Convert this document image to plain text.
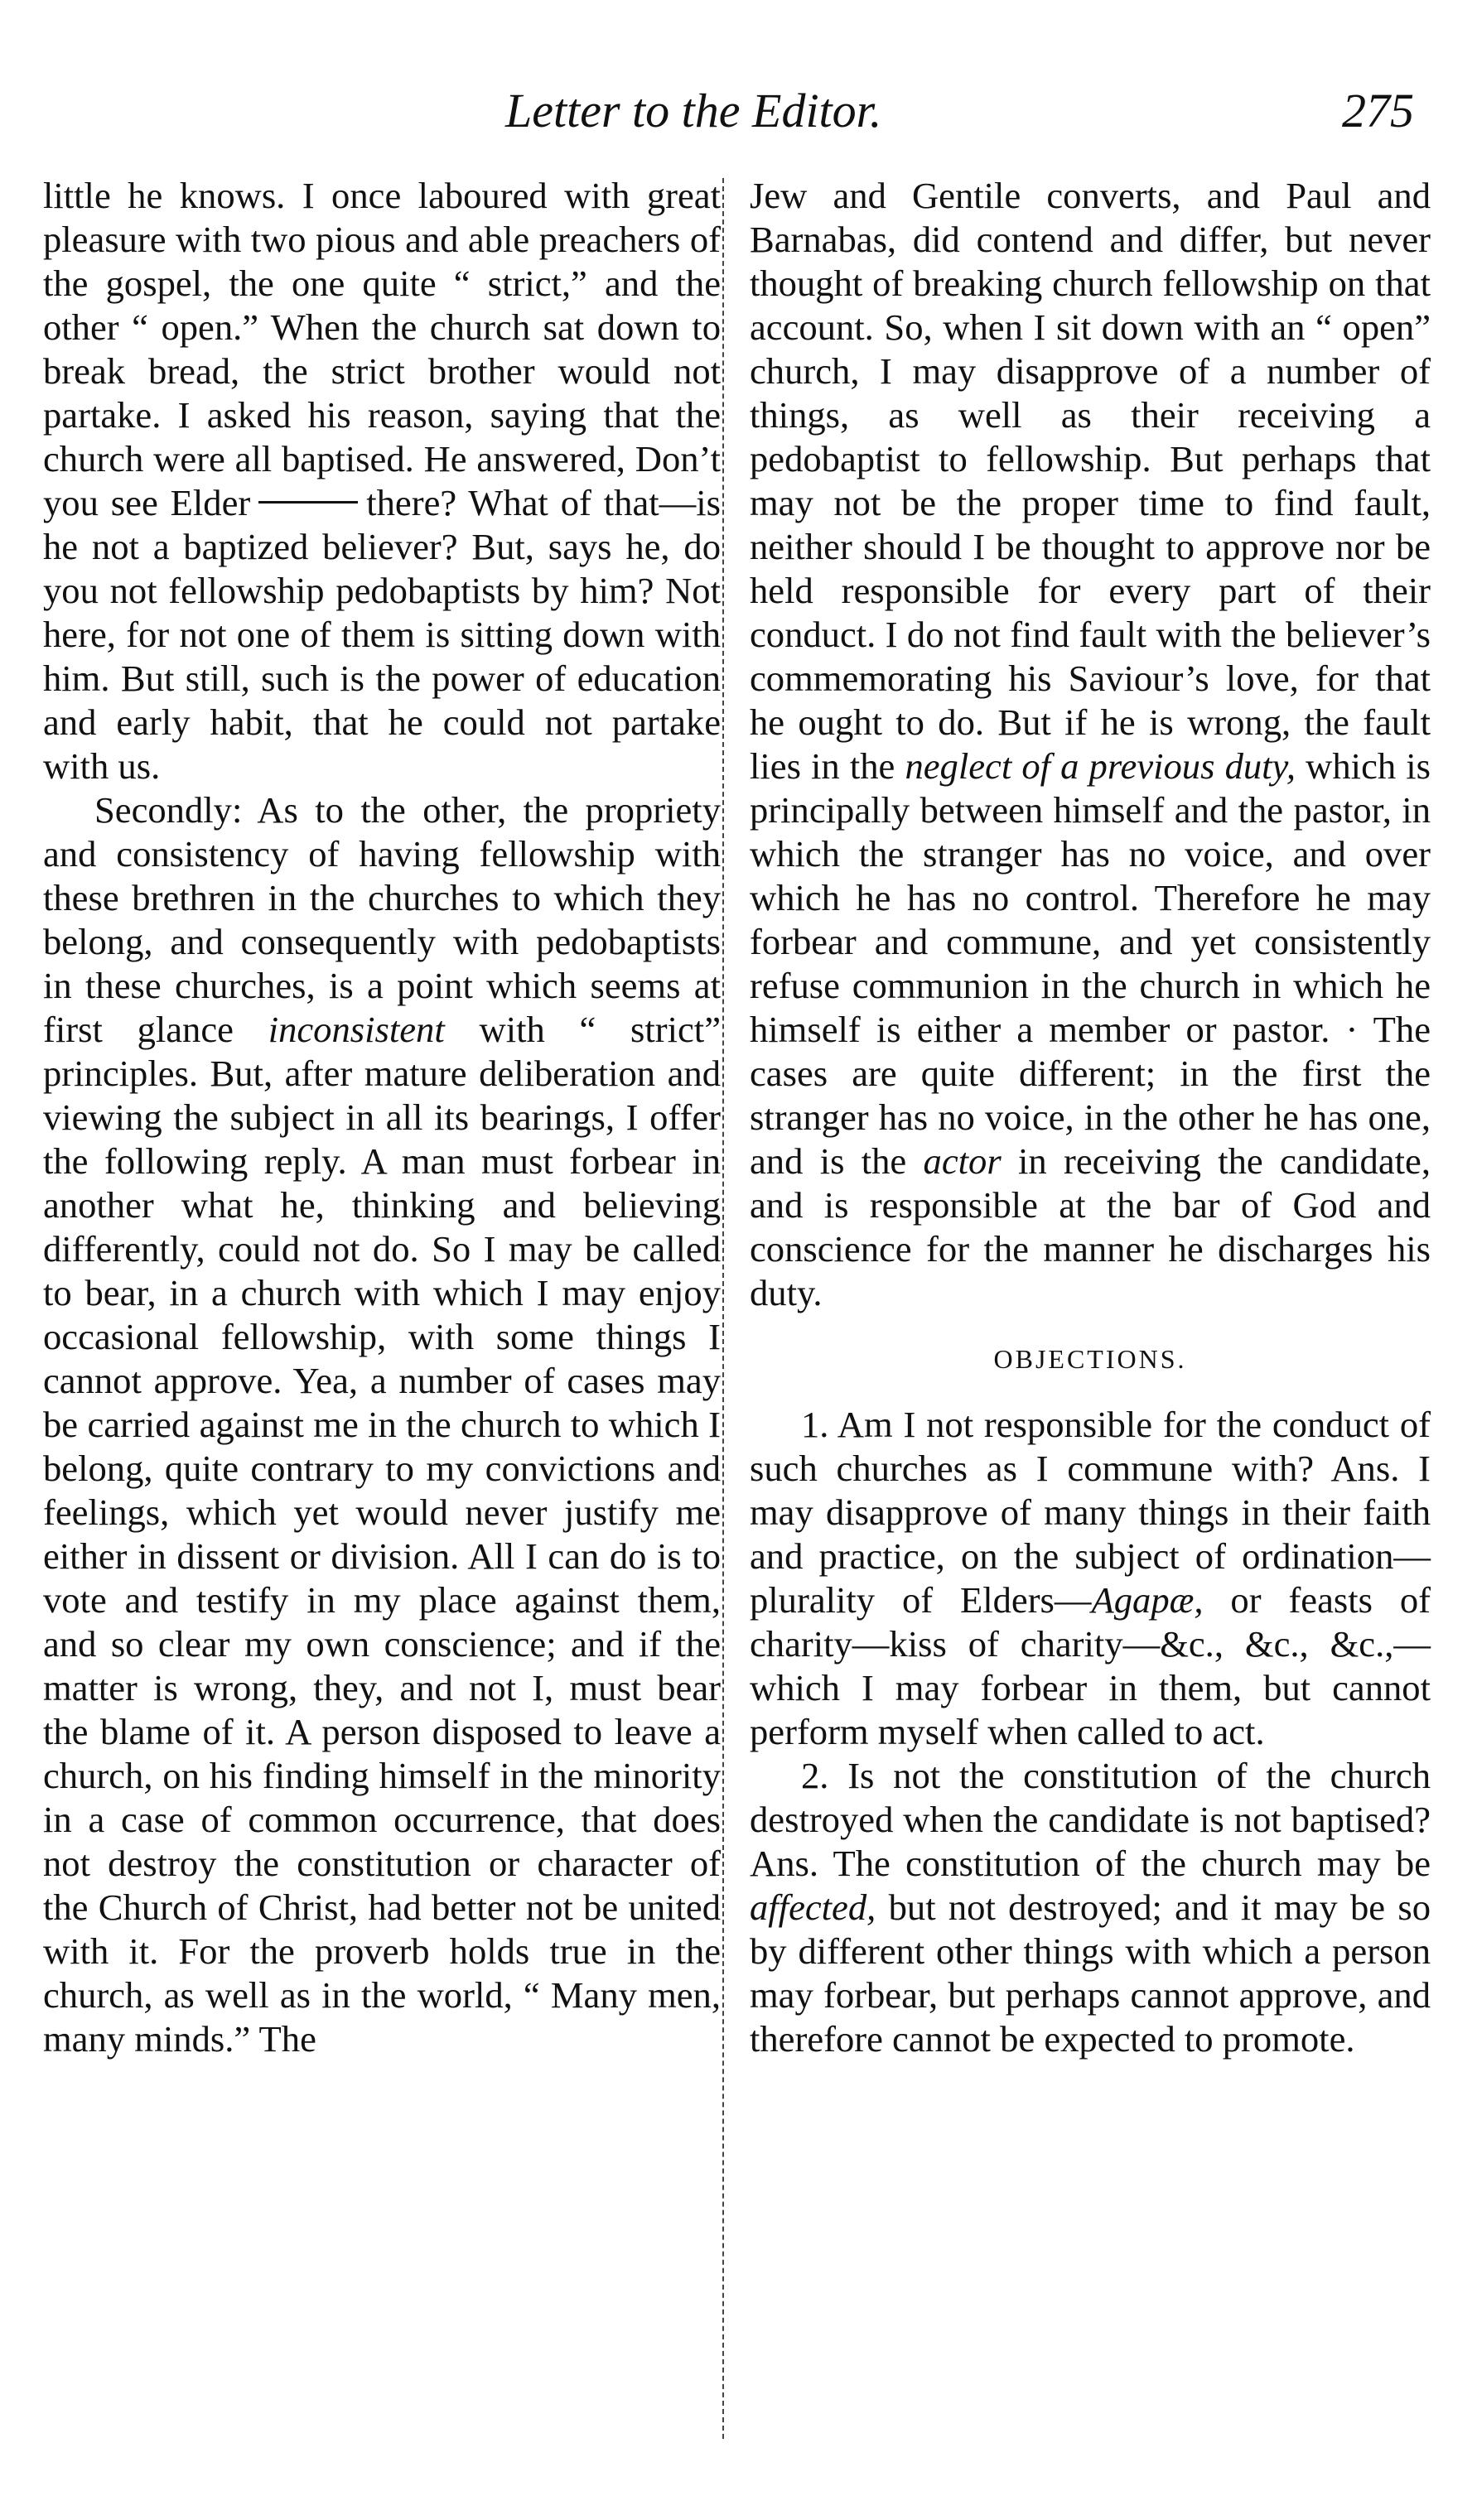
Letter to the Editor.	275

little he knows. I once laboured with great pleasure with two pious and able preachers of the gospel, the one quite “ strict,” and the other “ open.” When the church sat down to break bread, the strict brother would not partake. I asked his reason, saying that the church were all baptised. He answered, Don’t you see Elder	there? What of that—is he not a baptized believer? But, says he, do you not fellowship pedobaptists by him? Not here, for not one of them is sitting down with him. But still, such is the power of education and early habit, that he could not partake with us.

Secondly: As to the other, the propriety and consistency of having fellowship with these brethren in the churches to which they belong, and consequently with pedobaptists in these churches, is a point which seems at first glance inconsistent with “ strict” principles. But, after mature deliberation and viewing the subject in all its bearings, I offer the following reply. A man must forbear in another what he, thinking and believing differently, could not do. So I may be called to bear, in a church with which I may enjoy occasional fellowship, with some things I cannot approve. Yea, a number of cases may be carried against me in the church to which I belong, quite contrary to my convictions and feelings, which yet would never justify me either in dissent or division. All I can do is to vote and testify in my place against them, and so clear my own conscience; and if the matter is wrong, they, and not I, must bear the blame of it. A person disposed to leave a church, on his finding himself in the minority in a case of common occurrence, that does not destroy the constitution or character of the Church of Christ, had better not be united with it. For the proverb holds true in the church, as well as in the world, “ Many men, many minds.” The

Jew and Gentile converts, and Paul and Barnabas, did contend and differ, but never thought of breaking church fellowship on that account. So, when I sit down with an “ open” church, I may disapprove of a number of things, as well as their receiving a pedobaptist to fellowship. But perhaps that may not be the proper time to find fault, neither should I be thought to approve nor be held responsible for every part of their conduct. I do not find fault with the believer’s commemorating his Saviour’s love, for that he ought to do. But if he is wrong, the fault lies in the neglect of a previous duty, which is principally between himself and the pastor, in which the stranger has no voice, and over which he has no control. Therefore he may forbear and commune, and yet consistently refuse communion in the church in which he himself is either a member or pastor. · The cases are quite different; in the first the stranger has no voice, in the other he has one, and is the actor in receiving the candidate, and is responsible at the bar of God and conscience for the manner he discharges his duty.

OBJECTIONS.

1. Am I not responsible for the conduct of such churches as I commune with? Ans. I may disapprove of many things in their faith and practice, on the subject of ordination—plurality of Elders—Agapæ, or feasts of charity—kiss of charity—&c., &c., &c.,—which I may forbear in them, but cannot perform myself when called to act.

2. Is not the constitution of the church destroyed when the candidate is not baptised? Ans. The constitution of the church may be affected, but not destroyed; and it may be so by different other things with which a person may forbear, but perhaps cannot approve, and therefore cannot be expected to promote.
